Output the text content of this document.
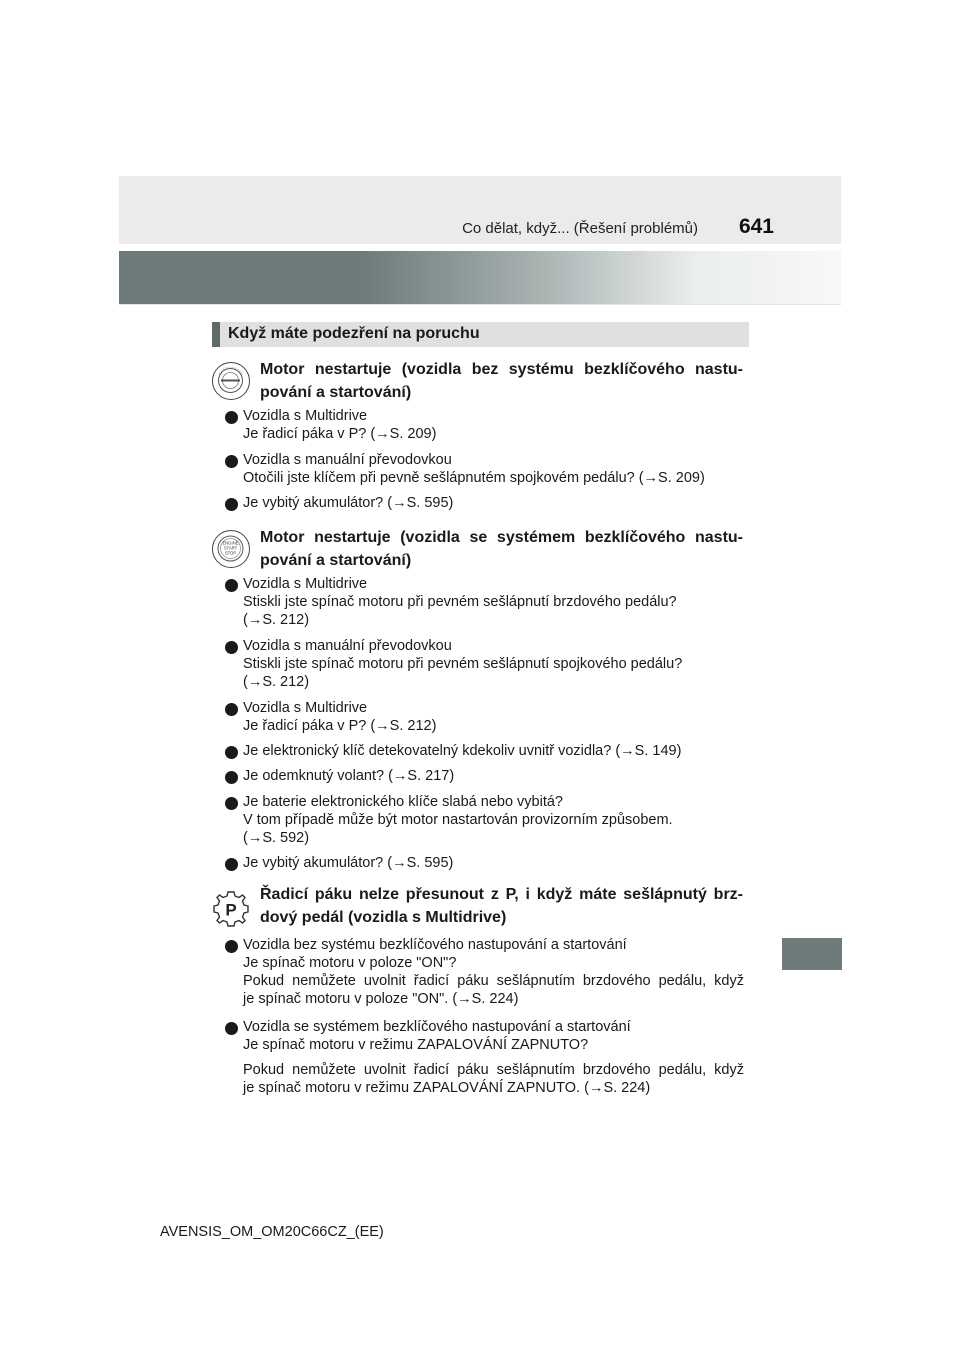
Co dělat, když... (Řešení problémů) 641
Když máte podezření na poruchu
Motor nestartuje (vozidla bez systému bezklíčového nastu-
pování a startování)
Vozidla s Multidrive
Je řadicí páka v P? (→S. 209)
Vozidla s manuální převodovkou
Otočili jste klíčem při pevně sešlápnutém spojkovém pedálu? (→S. 209)
Je vybitý akumulátor? (→S. 595)
ENGINE
START
STOP
Motor nestartuje (vozidla se systémem bezklíčového nastu-
pování a startování)
Vozidla s Multidrive
Stiskli jste spínač motoru při pevném sešlápnutí brzdového pedálu?
(→S. 212)
Vozidla s manuální převodovkou
Stiskli jste spínač motoru při pevném sešlápnutí spojkového pedálu?
(→S. 212)
Vozidla s Multidrive
Je řadicí páka v P? (→S. 212)
Je elektronický klíč detekovatelný kdekoliv uvnitř vozidla? (→S. 149)
Je odemknutý volant? (→S. 217)
Je baterie elektronického klíče slabá nebo vybitá?
V tom případě může být motor nastartován provizorním způsobem.
(→S. 592)
Je vybitý akumulátor? (→S. 595)
P
Řadicí páku nelze přesunout z P, i když máte sešlápnutý brz-
dový pedál (vozidla s Multidrive)
Vozidla bez systému bezklíčového nastupování a startování
Je spínač motoru v poloze "ON"?
Pokud nemůžete uvolnit řadicí páku sešlápnutím brzdového pedálu, když
je spínač motoru v poloze "ON". (→S. 224)
Vozidla se systémem bezklíčového nastupování a startování
Je spínač motoru v režimu ZAPALOVÁNÍ ZAPNUTO?
Pokud nemůžete uvolnit řadicí páku sešlápnutím brzdového pedálu, když
je spínač motoru v režimu ZAPALOVÁNÍ ZAPNUTO. (→S. 224)
AVENSIS_OM_OM20C66CZ_(EE)
